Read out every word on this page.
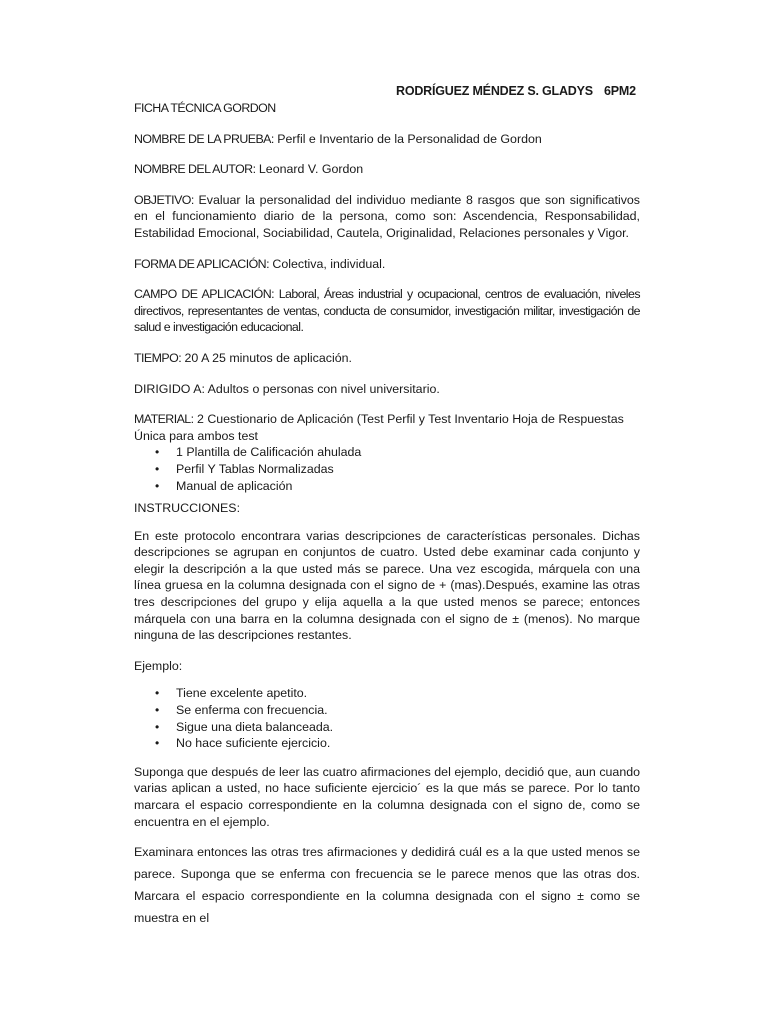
RODRÍGUEZ MÉNDEZ S. GLADYS 6PM2

FICHA TÉCNICA GORDON

NOMBRE DE LA PRUEBA: Perfil e Inventario de la Personalidad de Gordon

NOMBRE DEL AUTOR: Leonard V. Gordon

OBJETIVO: Evaluar la personalidad del individuo mediante 8 rasgos que son significativos en el funcionamiento diario de la persona, como son: Ascendencia, Responsabilidad, Estabilidad Emocional, Sociabilidad, Cautela, Originalidad, Relaciones personales y Vigor.

FORMA DE APLICACIÓN: Colectiva, individual.

CAMPO DE APLICACIÓN: Laboral, Áreas industrial y ocupacional, centros de evaluación, niveles directivos, representantes de ventas, conducta de consumidor, investigación militar, investigación de salud e investigación educacional.

TIEMPO: 20 A 25 minutos de aplicación.

DIRIGIDO A: Adultos o personas con nivel universitario.

MATERIAL: 2 Cuestionario de Aplicación (Test Perfil y Test Inventario Hoja de Respuestas Única para ambos test

• 1 Plantilla de Calificación ahulada
• Perfil Y Tablas Normalizadas
• Manual de aplicación

INSTRUCCIONES:

En este protocolo encontrara varias descripciones de características personales. Dichas descripciones se agrupan en conjuntos de cuatro. Usted debe examinar cada conjunto y elegir la descripción a la que usted más se parece. Una vez escogida, márquela con una línea gruesa en la columna designada con el signo de + (mas).Después, examine las otras tres descripciones del grupo y elija aquella a la que usted menos se parece; entonces márquela con una barra en la columna designada con el signo de ± (menos). No marque ninguna de las descripciones restantes.

Ejemplo:

• Tiene excelente apetito.
• Se enferma con frecuencia.
• Sigue una dieta balanceada.
• No hace suficiente ejercicio.

Suponga que después de leer las cuatro afirmaciones del ejemplo, decidió que, aun cuando varias aplican a usted, no hace suficiente ejercicio´ es la que más se parece. Por lo tanto marcara el espacio correspondiente en la columna designada con el signo de, como se encuentra en el ejemplo.

Examinara entonces las otras tres afirmaciones y dedidirá cuál es a la que usted menos se parece. Suponga que se enferma con frecuencia se le parece menos que las otras dos. Marcara el espacio correspondiente en la columna designada con el signo ± como se muestra en el
